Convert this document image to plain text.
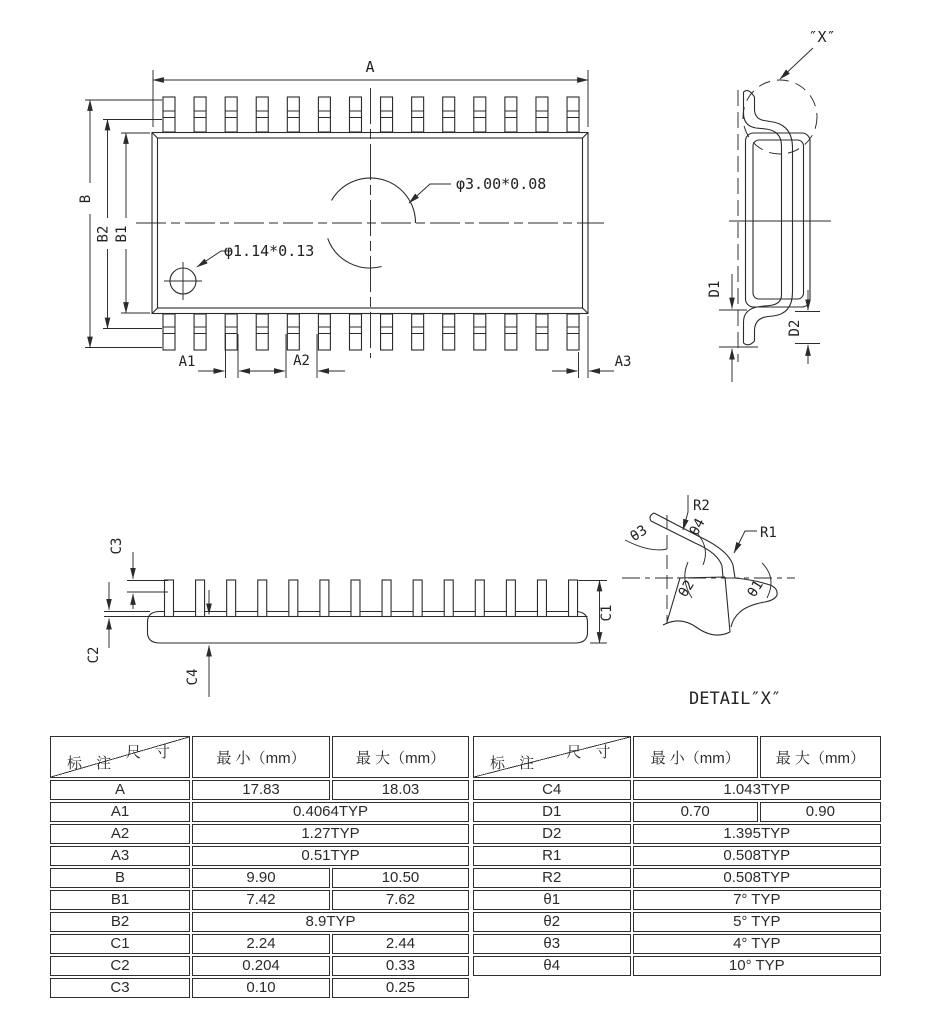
φ3.00*0.08
φ1.14*0.13
A
B
B2 B1
A1	A2	A3
″X″
D1
D2
C3
C2
C4
C1
R2
R1
θ3	θ4
θ2	θ1
DETAIL″X″
尺 寸
标 注	最 小（mm）	最 大（mm）
A	17.83	18.03
A1	0.4064TYP	
A2	1.27TYP	
A3	0.51TYP	
B	9.90	10.50
B1	7.42	7.62
B2	8.9TYP	
C1	2.24	2.44
C2	0.204	0.33
C3	0.10	0.25
尺 寸
标 注	最 小（mm）	最 大（mm）
C4	1.043TYP	
D1	0.70	0.90
D2	1.395TYP	
R1	0.508TYP	
R2	0.508TYP	
θ1	7° TYP	
θ2	5° TYP	
θ3	4° TYP	
θ4	10° TYP	
